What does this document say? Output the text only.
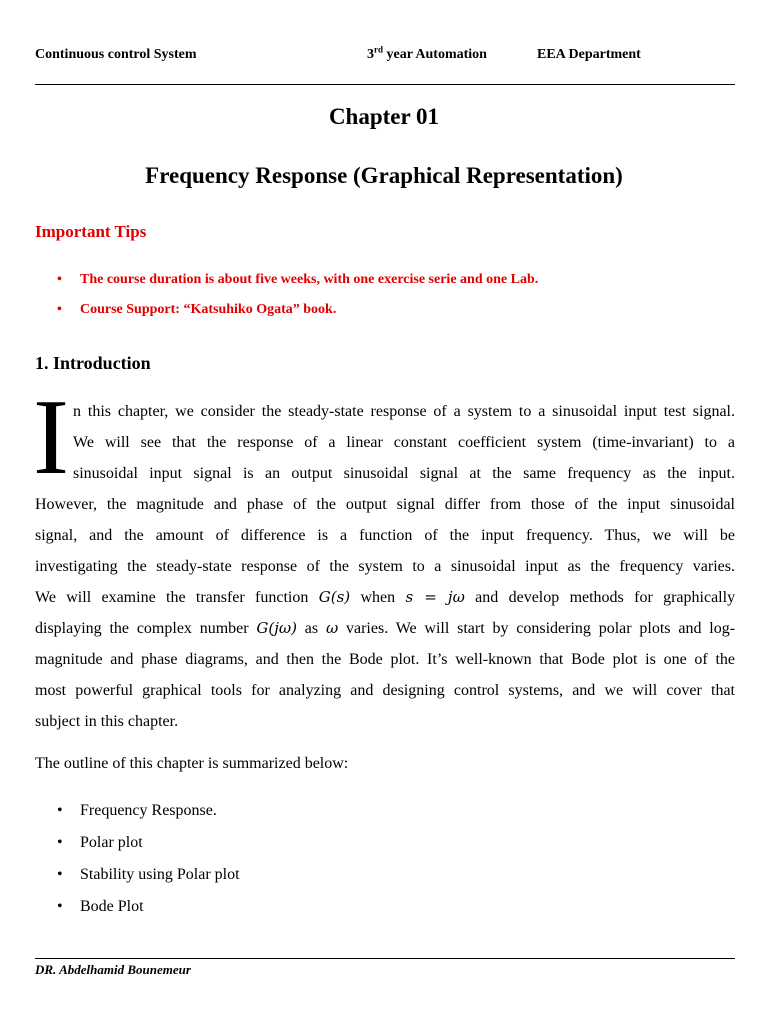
Continuous control System	3rd year Automation	EEA Department
Chapter 01
Frequency Response (Graphical Representation)
Important Tips
• The course duration is about five weeks, with one exercise serie and one Lab.
• Course Support: “Katsuhiko Ogata” book.
1. Introduction
I n this chapter, we consider the steady-state response of a system to a sinusoidal input test signal.
We will see that the response of a linear constant coefficient system (time-invariant) to a
sinusoidal input signal is an output sinusoidal signal at the same frequency as the input.
However, the magnitude and phase of the output signal differ from those of the input sinusoidal
signal, and the amount of difference is a function of the input frequency. Thus, we will be
investigating the steady-state response of the system to a sinusoidal input as the frequency varies.
We will examine the transfer function G(s) when s = jω and develop methods for graphically
displaying the complex number G(jω) as ω varies. We will start by considering polar plots and log-
magnitude and phase diagrams, and then the Bode plot. It’s well-known that Bode plot is one of the
most powerful graphical tools for analyzing and designing control systems, and we will cover that
subject in this chapter.
The outline of this chapter is summarized below:
• Frequency Response.
• Polar plot
• Stability using Polar plot
• Bode Plot
DR. Abdelhamid Bounemeur
